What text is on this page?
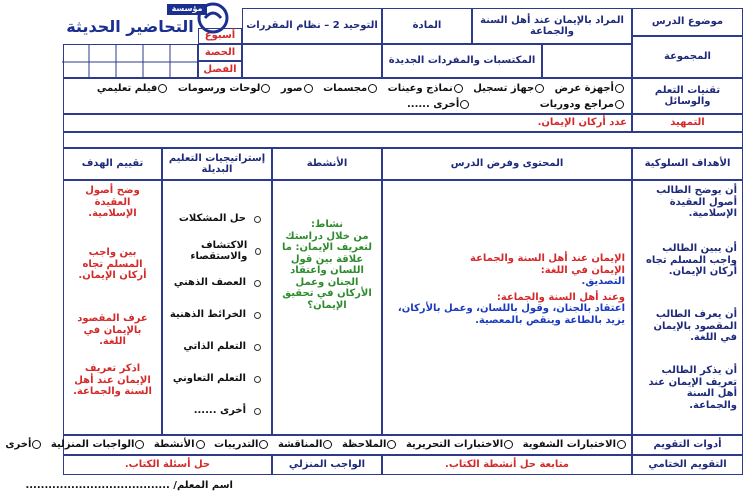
مؤسسة
التحاضير الحديثة	موضوع الدرس
المجموعة
المراد بالإيمان عند أهل السنة والجماعة
المادة
التوحيد 2 – نظام المقررات
المكتسبات والمفردات الجديدة
أسبوع
الحصة
الفصل
تقنيات التعلم والوسائل
أجهزة عرض جهاز تسجيل نماذج وعينات مجسمات صور لوحات ورسومات فيلم تعليمي
مراجع ودوريات أخرى ......
التمهيد
عدد أركان الإيمان.
الأهداف السلوكية
المحتوى وفرض الدرس
الأنشطة
إستراتيجيات التعليم البديلة
تقييم الهدف
أن يوضح الطالب أصول العقيدة الإسلامية.
أن يبين الطالب واجب المسلم تجاه أركان الإيمان.
أن يعرف الطالب المقصود بالإيمان في اللغة.
أن يذكر الطالب تعريف الإيمان عند أهل السنة والجماعة.
الإيمان عند أهل السنة والجماعة
الإيمان في اللغة:
التصديق.
وعند أهل السنة والجماعة:
اعتقاد بالجنان، وقول باللسان، وعمل بالأركان، يزيد بالطاعة وينقص بالمعصية.
نشاط:
من خلال دراستك لتعريف الإيمان: ما علاقة بين قول اللسان واعتقاد الجنان وعمل الأركان في تحقيق الإيمان؟
حل المشكلات
الاكتشاف والاستقصاء
العصف الذهني
الخرائط الذهنية
التعلم الذاتي
التعلم التعاوني
أخرى ......
وضح أصول العقيدة الإسلامية.
بين واجب المسلم تجاه أركان الإيمان.
عرف المقصود بالإيمان في اللغة.
اذكر تعريف الإيمان عند أهل السنة والجماعة.
أدوات التقويم
الاختبارات الشفوية الاختبارات التحريرية الملاحظة المناقشة التدريبات الأنشطة الواجبات المنزلية أخرى
التقويم الختامي
متابعة حل أنشطة الكتاب.
الواجب المنزلي
حل أسئلة الكتاب.
اسم المعلم/ ......................................
